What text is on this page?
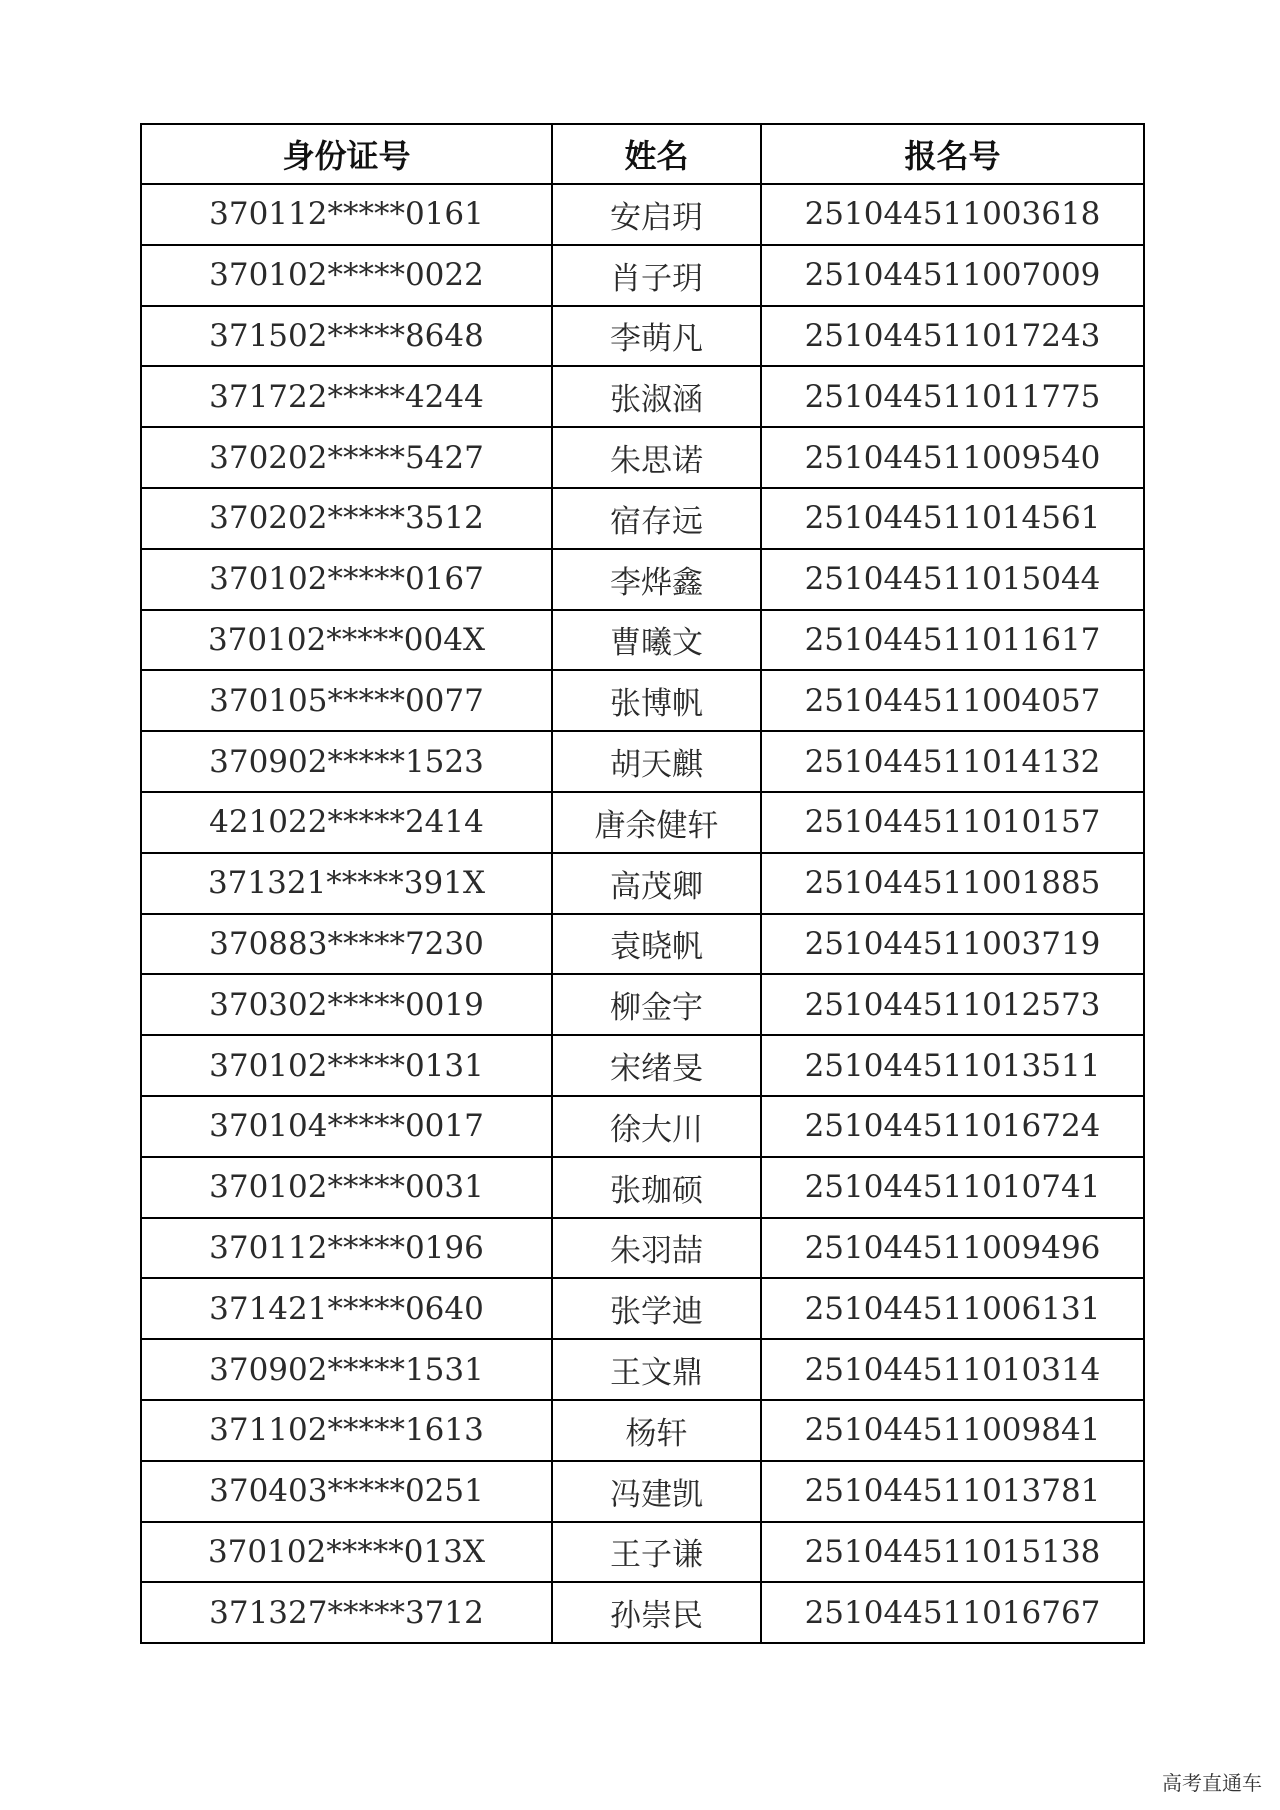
身份证号	姓名	报名号
370112*****0161	安启玥	251044511003618
370102*****0022	肖子玥	251044511007009
371502*****8648	李萌凡	251044511017243
371722*****4244	张淑涵	251044511011775
370202*****5427	朱思诺	251044511009540
370202*****3512	宿存远	251044511014561
370102*****0167	李烨鑫	251044511015044
370102*****004X	曹曦文	251044511011617
370105*****0077	张博帆	251044511004057
370902*****1523	胡天麒	251044511014132
421022*****2414	唐余健轩	251044511010157
371321*****391X	高茂卿	251044511001885
370883*****7230	袁晓帆	251044511003719
370302*****0019	柳金宇	251044511012573
370102*****0131	宋绪旻	251044511013511
370104*****0017	徐大川	251044511016724
370102*****0031	张珈硕	251044511010741
370112*****0196	朱羽喆	251044511009496
371421*****0640	张学迪	251044511006131
370902*****1531	王文鼎	251044511010314
371102*****1613	杨轩	251044511009841
370403*****0251	冯建凯	251044511013781
370102*****013X	王子谦	251044511015138
371327*****3712	孙崇民	251044511016767
高考直通车
